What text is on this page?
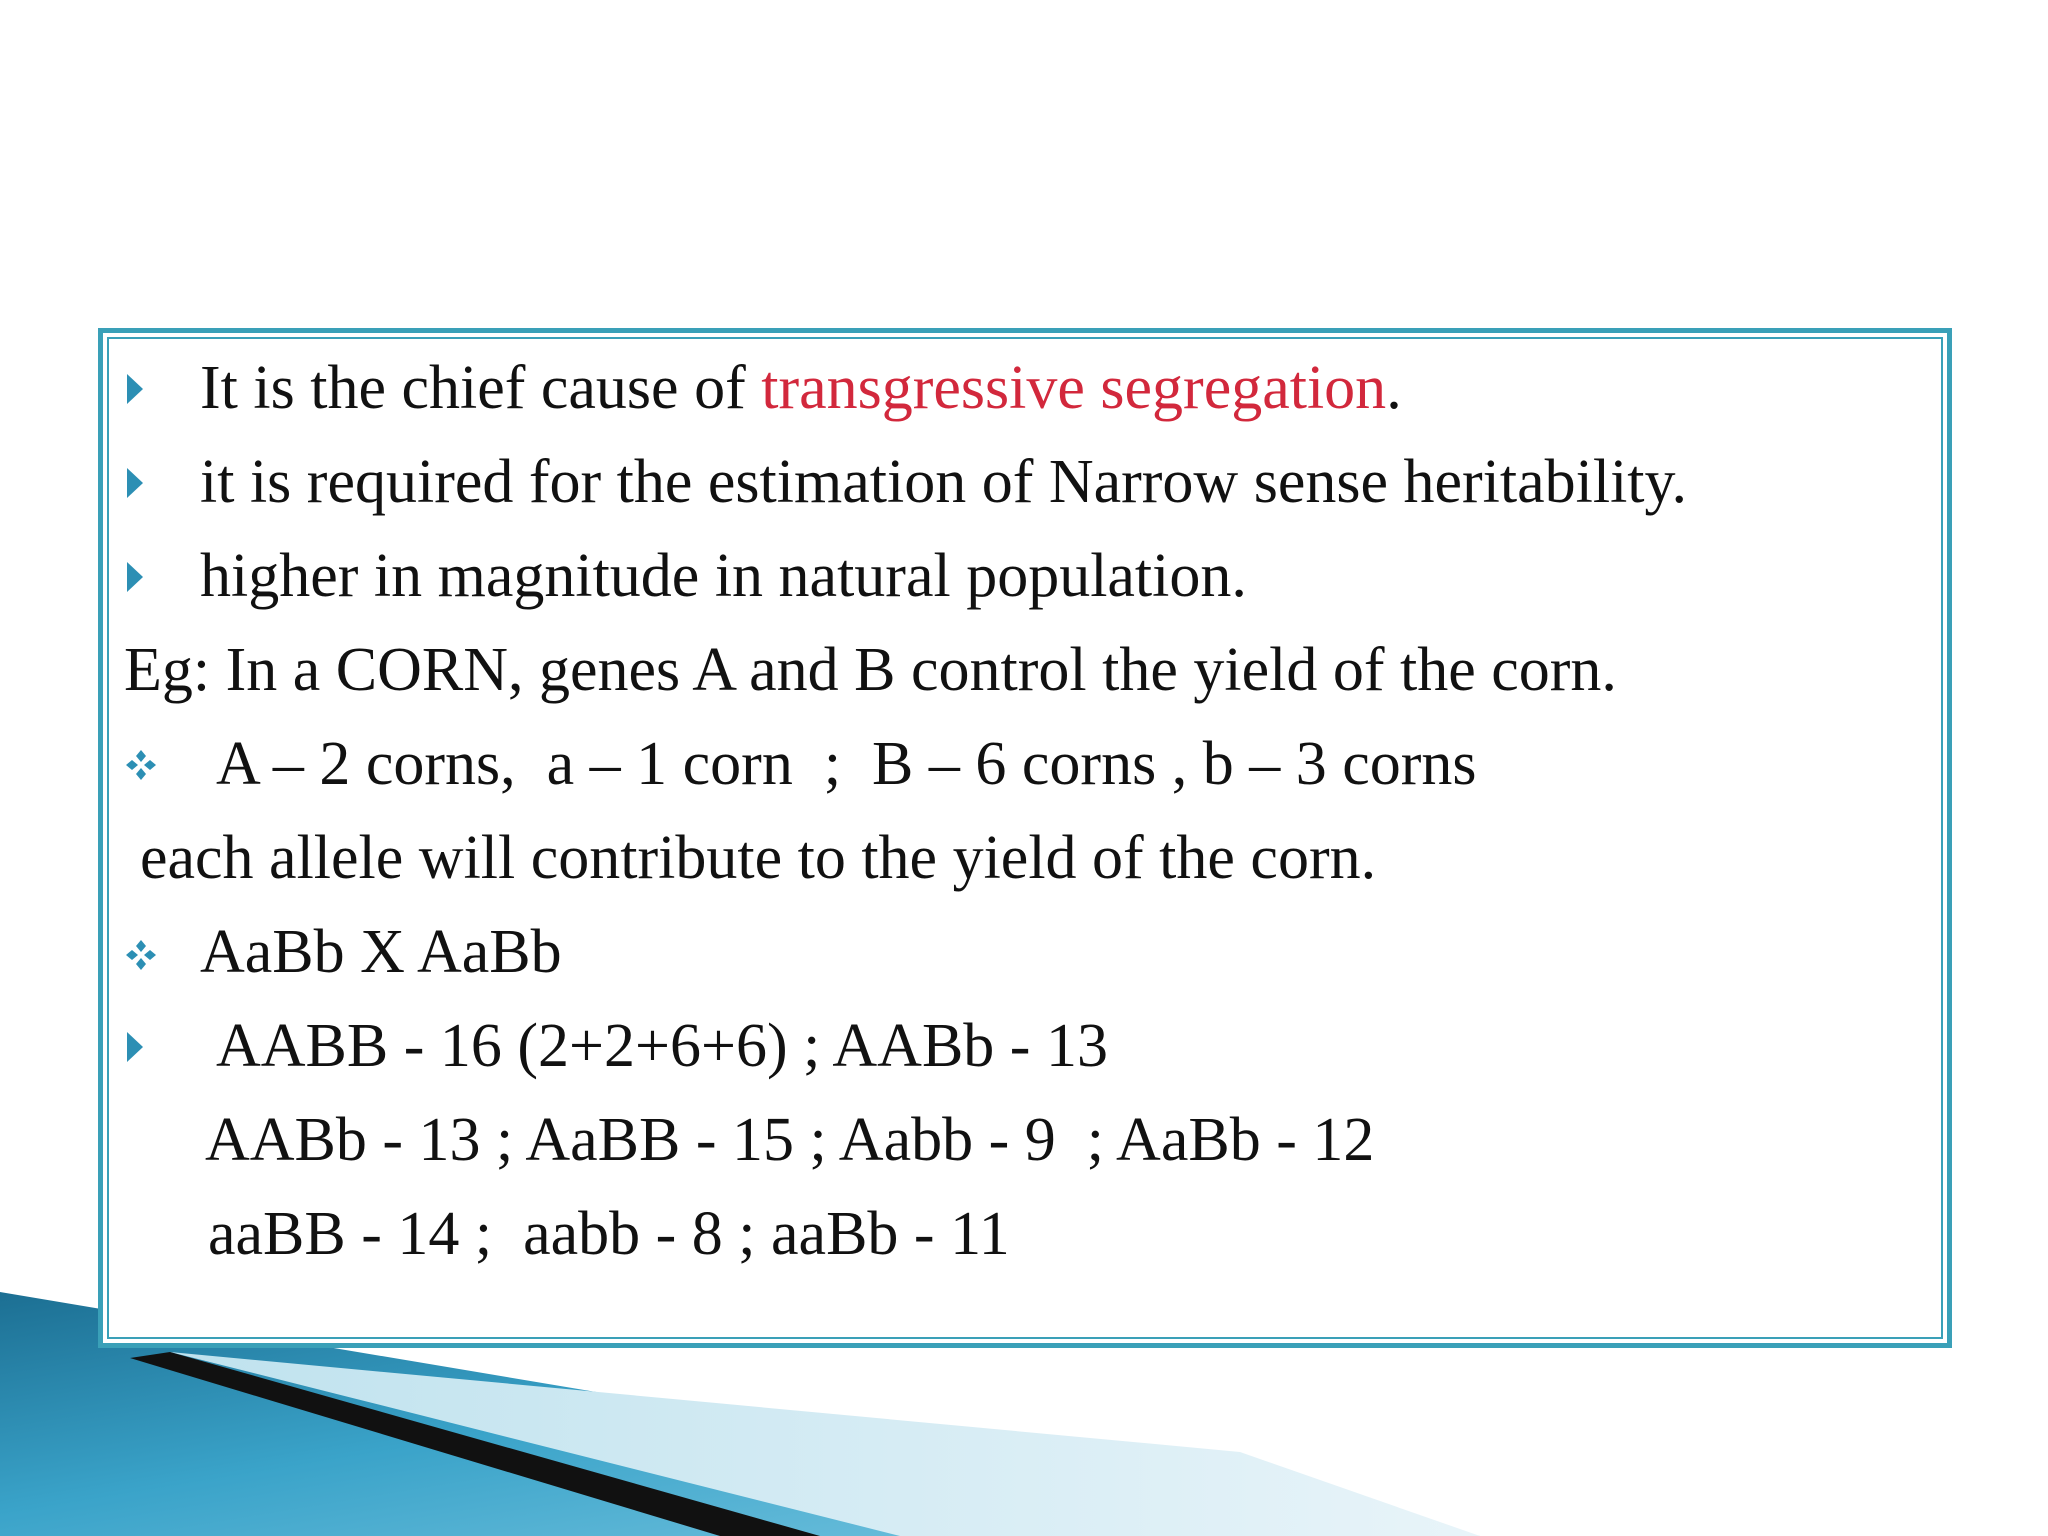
It is the chief cause of transgressive segregation.
it is required for the estimation of Narrow sense heritability.
higher in magnitude in natural population.
Eg: In a CORN, genes A and B control the yield of the corn.
A – 2 corns,  a – 1 corn  ;  B – 6 corns , b – 3 corns
each allele will contribute to the yield of the corn.
AaBb X AaBb
AABB - 16 (2+2+6+6) ; AABb - 13
AABb - 13 ; AaBB - 15 ; Aabb - 9  ; AaBb - 12
aaBB - 14 ;  aabb - 8 ; aaBb - 11
